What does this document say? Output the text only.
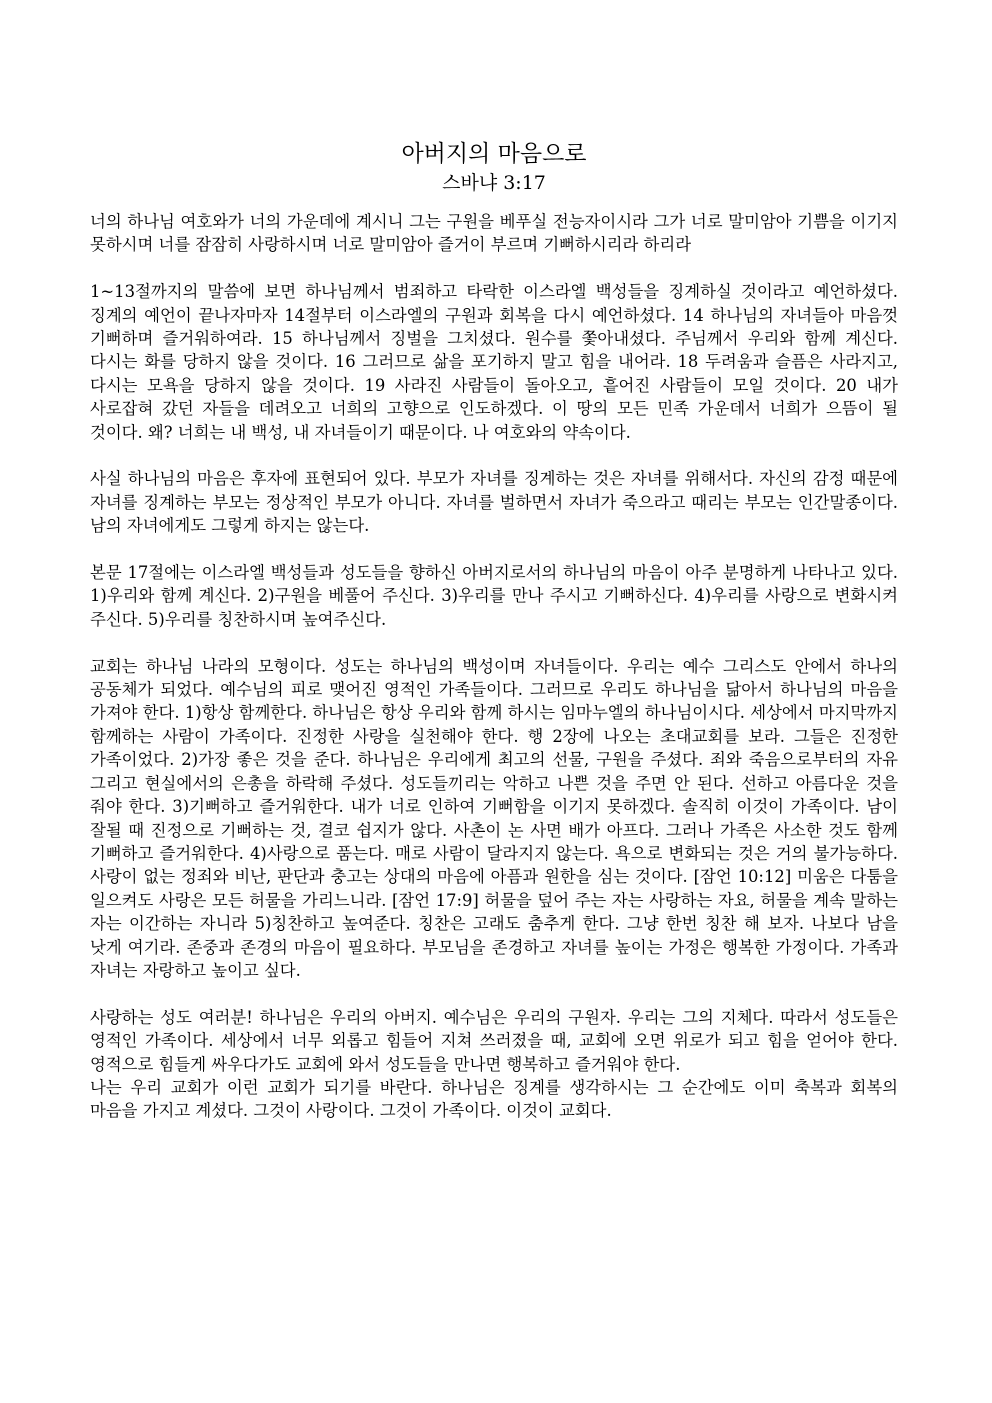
아버지의 마음으로
스바냐 3:17

너의 하나님 여호와가 너의 가운데에 계시니 그는 구원을 베푸실 전능자이시라 그가 너로 말미암아 기쁨을 이기지 못하시며 너를 잠잠히 사랑하시며 너로 말미암아 즐거이 부르며 기뻐하시리라 하리라

1~13절까지의 말씀에 보면 하나님께서 범죄하고 타락한 이스라엘 백성들을 징계하실 것이라고 예언하셨다. 징계의 예언이 끝나자마자 14절부터 이스라엘의 구원과 회복을 다시 예언하셨다. 14 하나님의 자녀들아 마음껏 기뻐하며 즐거워하여라. 15 하나님께서 징벌을 그치셨다. 원수를 쫓아내셨다. 주님께서 우리와 함께 계신다. 다시는 화를 당하지 않을 것이다. 16 그러므로 삶을 포기하지 말고 힘을 내어라. 18 두려움과 슬픔은 사라지고, 다시는 모욕을 당하지 않을 것이다. 19 사라진 사람들이 돌아오고, 흩어진 사람들이 모일 것이다. 20 내가 사로잡혀 갔던 자들을 데려오고 너희의 고향으로 인도하겠다. 이 땅의 모든 민족 가운데서 너희가 으뜸이 될 것이다. 왜? 너희는 내 백성, 내 자녀들이기 때문이다. 나 여호와의 약속이다.

사실 하나님의 마음은 후자에 표현되어 있다. 부모가 자녀를 징계하는 것은 자녀를 위해서다. 자신의 감정 때문에 자녀를 징계하는 부모는 정상적인 부모가 아니다. 자녀를 벌하면서 자녀가 죽으라고 때리는 부모는 인간말종이다. 남의 자녀에게도 그렇게 하지는 않는다.

본문 17절에는 이스라엘 백성들과 성도들을 향하신 아버지로서의 하나님의 마음이 아주 분명하게 나타나고 있다. 1)우리와 함께 계신다. 2)구원을 베풀어 주신다. 3)우리를 만나 주시고 기뻐하신다. 4)우리를 사랑으로 변화시켜 주신다. 5)우리를 칭찬하시며 높여주신다.

교회는 하나님 나라의 모형이다. 성도는 하나님의 백성이며 자녀들이다. 우리는 예수 그리스도 안에서 하나의 공동체가 되었다. 예수님의 피로 맺어진 영적인 가족들이다. 그러므로 우리도 하나님을 닮아서 하나님의 마음을 가져야 한다. 1)항상 함께한다. 하나님은 항상 우리와 함께 하시는 임마누엘의 하나님이시다. 세상에서 마지막까지 함께하는 사람이 가족이다. 진정한 사랑을 실천해야 한다. 행 2장에 나오는 초대교회를 보라. 그들은 진정한 가족이었다. 2)가장 좋은 것을 준다. 하나님은 우리에게 최고의 선물, 구원을 주셨다. 죄와 죽음으로부터의 자유 그리고 현실에서의 은총을 하락해 주셨다. 성도들끼리는 악하고 나쁜 것을 주면 안 된다. 선하고 아름다운 것을 줘야 한다. 3)기뻐하고 즐거워한다. 내가 너로 인하여 기뻐함을 이기지 못하겠다. 솔직히 이것이 가족이다. 남이 잘될 때 진정으로 기뻐하는 것, 결코 쉽지가 않다. 사촌이 논 사면 배가 아프다. 그러나 가족은 사소한 것도 함께 기뻐하고 즐거워한다. 4)사랑으로 품는다. 매로 사람이 달라지지 않는다. 욕으로 변화되는 것은 거의 불가능하다. 사랑이 없는 정죄와 비난, 판단과 충고는 상대의 마음에 아픔과 원한을 심는 것이다. [잠언 10:12] 미움은 다툼을 일으켜도 사랑은 모든 허물을 가리느니라. [잠언 17:9] 허물을 덮어 주는 자는 사랑하는 자요, 허물을 계속 말하는 자는 이간하는 자니라 5)칭찬하고 높여준다. 칭찬은 고래도 춤추게 한다. 그냥 한번 칭찬 해 보자. 나보다 남을 낫게 여기라. 존중과 존경의 마음이 필요하다. 부모님을 존경하고 자녀를 높이는 가정은 행복한 가정이다. 가족과 자녀는 자랑하고 높이고 싶다.

사랑하는 성도 여러분! 하나님은 우리의 아버지. 예수님은 우리의 구원자. 우리는 그의 지체다. 따라서 성도들은 영적인 가족이다. 세상에서 너무 외롭고 힘들어 지쳐 쓰러졌을 때, 교회에 오면 위로가 되고 힘을 얻어야 한다. 영적으로 힘들게 싸우다가도 교회에 와서 성도들을 만나면 행복하고 즐거워야 한다.

나는 우리 교회가 이런 교회가 되기를 바란다. 하나님은 징계를 생각하시는 그 순간에도 이미 축복과 회복의 마음을 가지고 계셨다. 그것이 사랑이다. 그것이 가족이다. 이것이 교회다.
